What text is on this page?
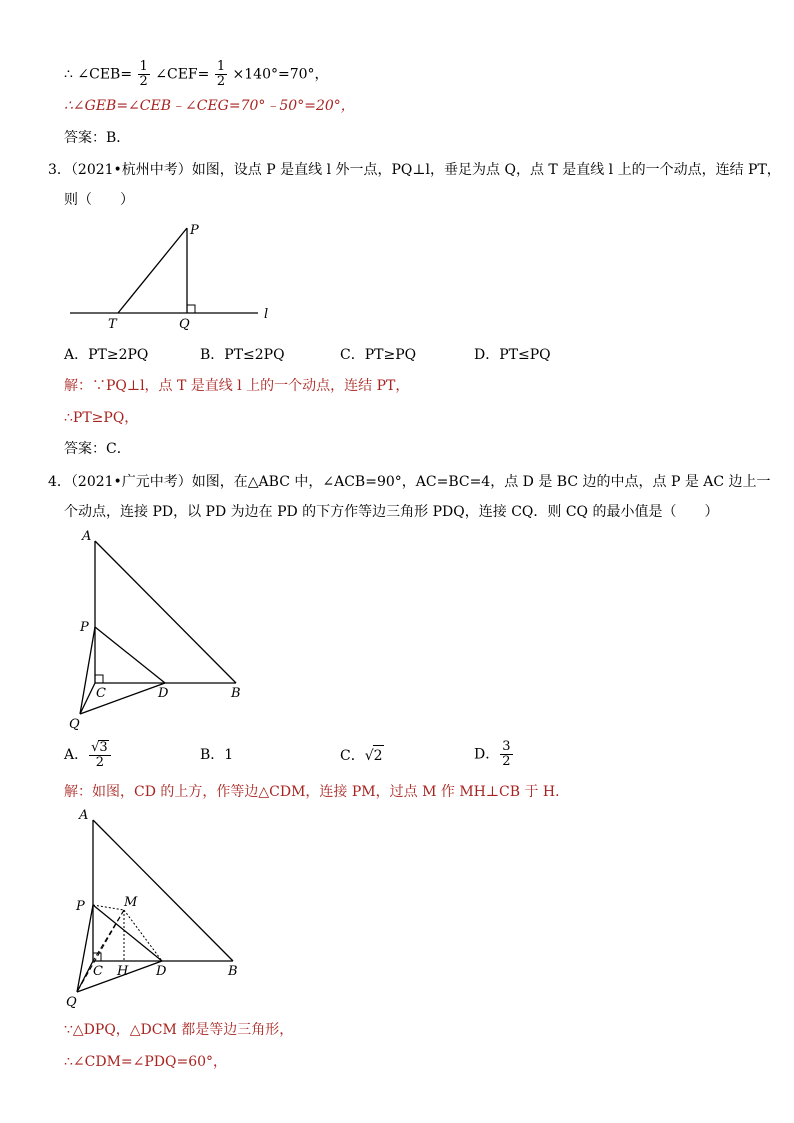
∴ ∠CEB= $\frac{1}{2}$ ∠CEF= $\frac{1}{2} \times 140^\circ=70^\circ$，
∴∠GEB=∠CEB﹣∠CEG=70°﹣50°=20°，
答案：B．
3．（2021•杭州中考）如图，设点 P 是直线 l 外一点，PQ⊥l，垂足为点 Q，点 T 是直线 l 上的一个动点，连结 PT，
则（　　）
P
T	Q
l
A．PT≥2PQ	B．PT≤2PQ	C．PT≥PQ	D．PT≤PQ
解：∵PQ⊥l，点 T 是直线 l 上的一个动点，连结 PT，
∴PT≥PQ，
答案：C．
4．（2021•广元中考）如图，在△ABC 中，∠ACB=90°，AC=BC=4，点 D 是 BC 边的中点，点 P 是 AC 边上一
个动点，连接 PD，以 PD 为边在 PD 的下方作等边三角形 PDQ，连接 CQ．则 CQ 的最小值是（　　）
A
P
C	D	B
Q
A． $\frac{√3}{2}$	B．1	C．√2	D． $\frac{3}{2}$
解：如图，CD 的上方，作等边△CDM，连接 PM，过点 M 作 MH⊥CB 于 H．
A
P	M
C H D	B
Q
∵△DPQ，△DCM 都是等边三角形，
∴∠CDM=∠PDQ=60°，
